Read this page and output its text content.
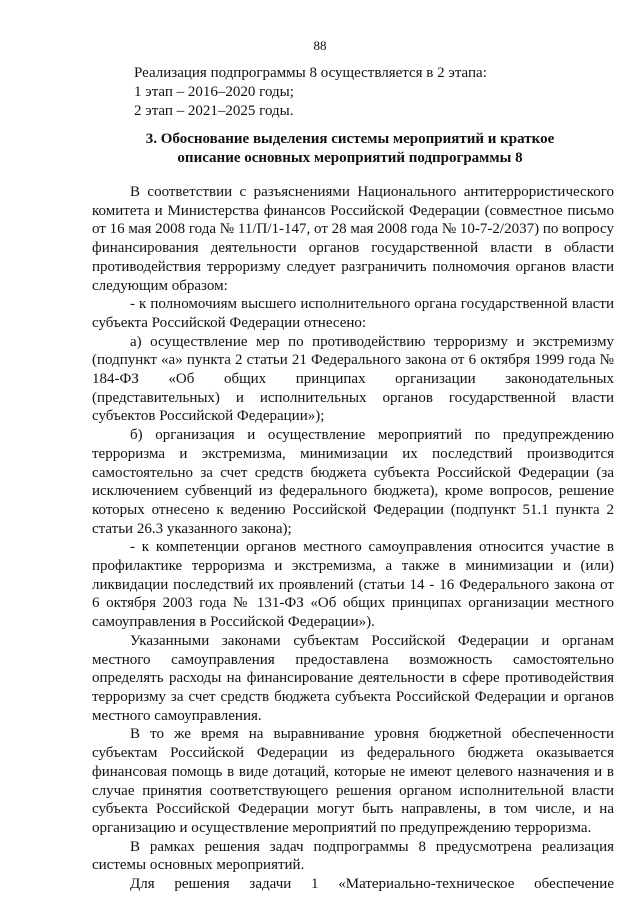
88
Реализация подпрограммы 8 осуществляется в 2 этапа:
1 этап – 2016–2020 годы;
2 этап – 2021–2025 годы.
3. Обоснование выделения системы мероприятий и краткое
описание основных мероприятий подпрограммы 8

В соответствии с разъяснениями Национального антитеррористического комитета и Министерства финансов Российской Федерации (совместное письмо от 16 мая 2008 года № 11/П/1-147, от 28 мая 2008 года № 10-7-2/2037) по вопросу финансирования деятельности органов государственной власти в области противодействия терроризму следует разграничить полномочия органов власти следующим образом:

- к полномочиям высшего исполнительного органа государственной власти субъекта Российской Федерации отнесено:

а) осуществление мер по противодействию терроризму и экстремизму (подпункт «а» пункта 2 статьи 21 Федерального закона от 6 октября 1999 года № 184-ФЗ «Об общих принципах организации законодательных (представительных) и исполнительных органов государственной власти субъектов Российской Федерации»);

б) организация и осуществление мероприятий по предупреждению терроризма и экстремизма, минимизации их последствий производится самостоятельно за счет средств бюджета субъекта Российской Федерации (за исключением субвенций из федерального бюджета), кроме вопросов, решение которых отнесено к ведению Российской Федерации (подпункт 51.1 пункта 2 статьи 26.3 указанного закона);

- к компетенции органов местного самоуправления относится участие в профилактике терроризма и экстремизма, а также в минимизации и (или) ликвидации последствий их проявлений (статьи 14 - 16 Федерального закона от 6 октября 2003 года № 131-ФЗ «Об общих принципах организации местного самоуправления в Российской Федерации»).

Указанными законами субъектам Российской Федерации и органам местного самоуправления предоставлена возможность самостоятельно определять расходы на финансирование деятельности в сфере противодействия терроризму за счет средств бюджета субъекта Российской Федерации и органов местного самоуправления.

В то же время на выравнивание уровня бюджетной обеспеченности субъектам Российской Федерации из федерального бюджета оказывается финансовая помощь в виде дотаций, которые не имеют целевого назначения и в случае принятия соответствующего решения органом исполнительной власти субъекта Российской Федерации могут быть направлены, в том числе, и на организацию и осуществление мероприятий по предупреждению терроризма.

В рамках решения задач подпрограммы 8 предусмотрена реализация системы основных мероприятий.

Для решения задачи 1 «Материально-техническое обеспечение
